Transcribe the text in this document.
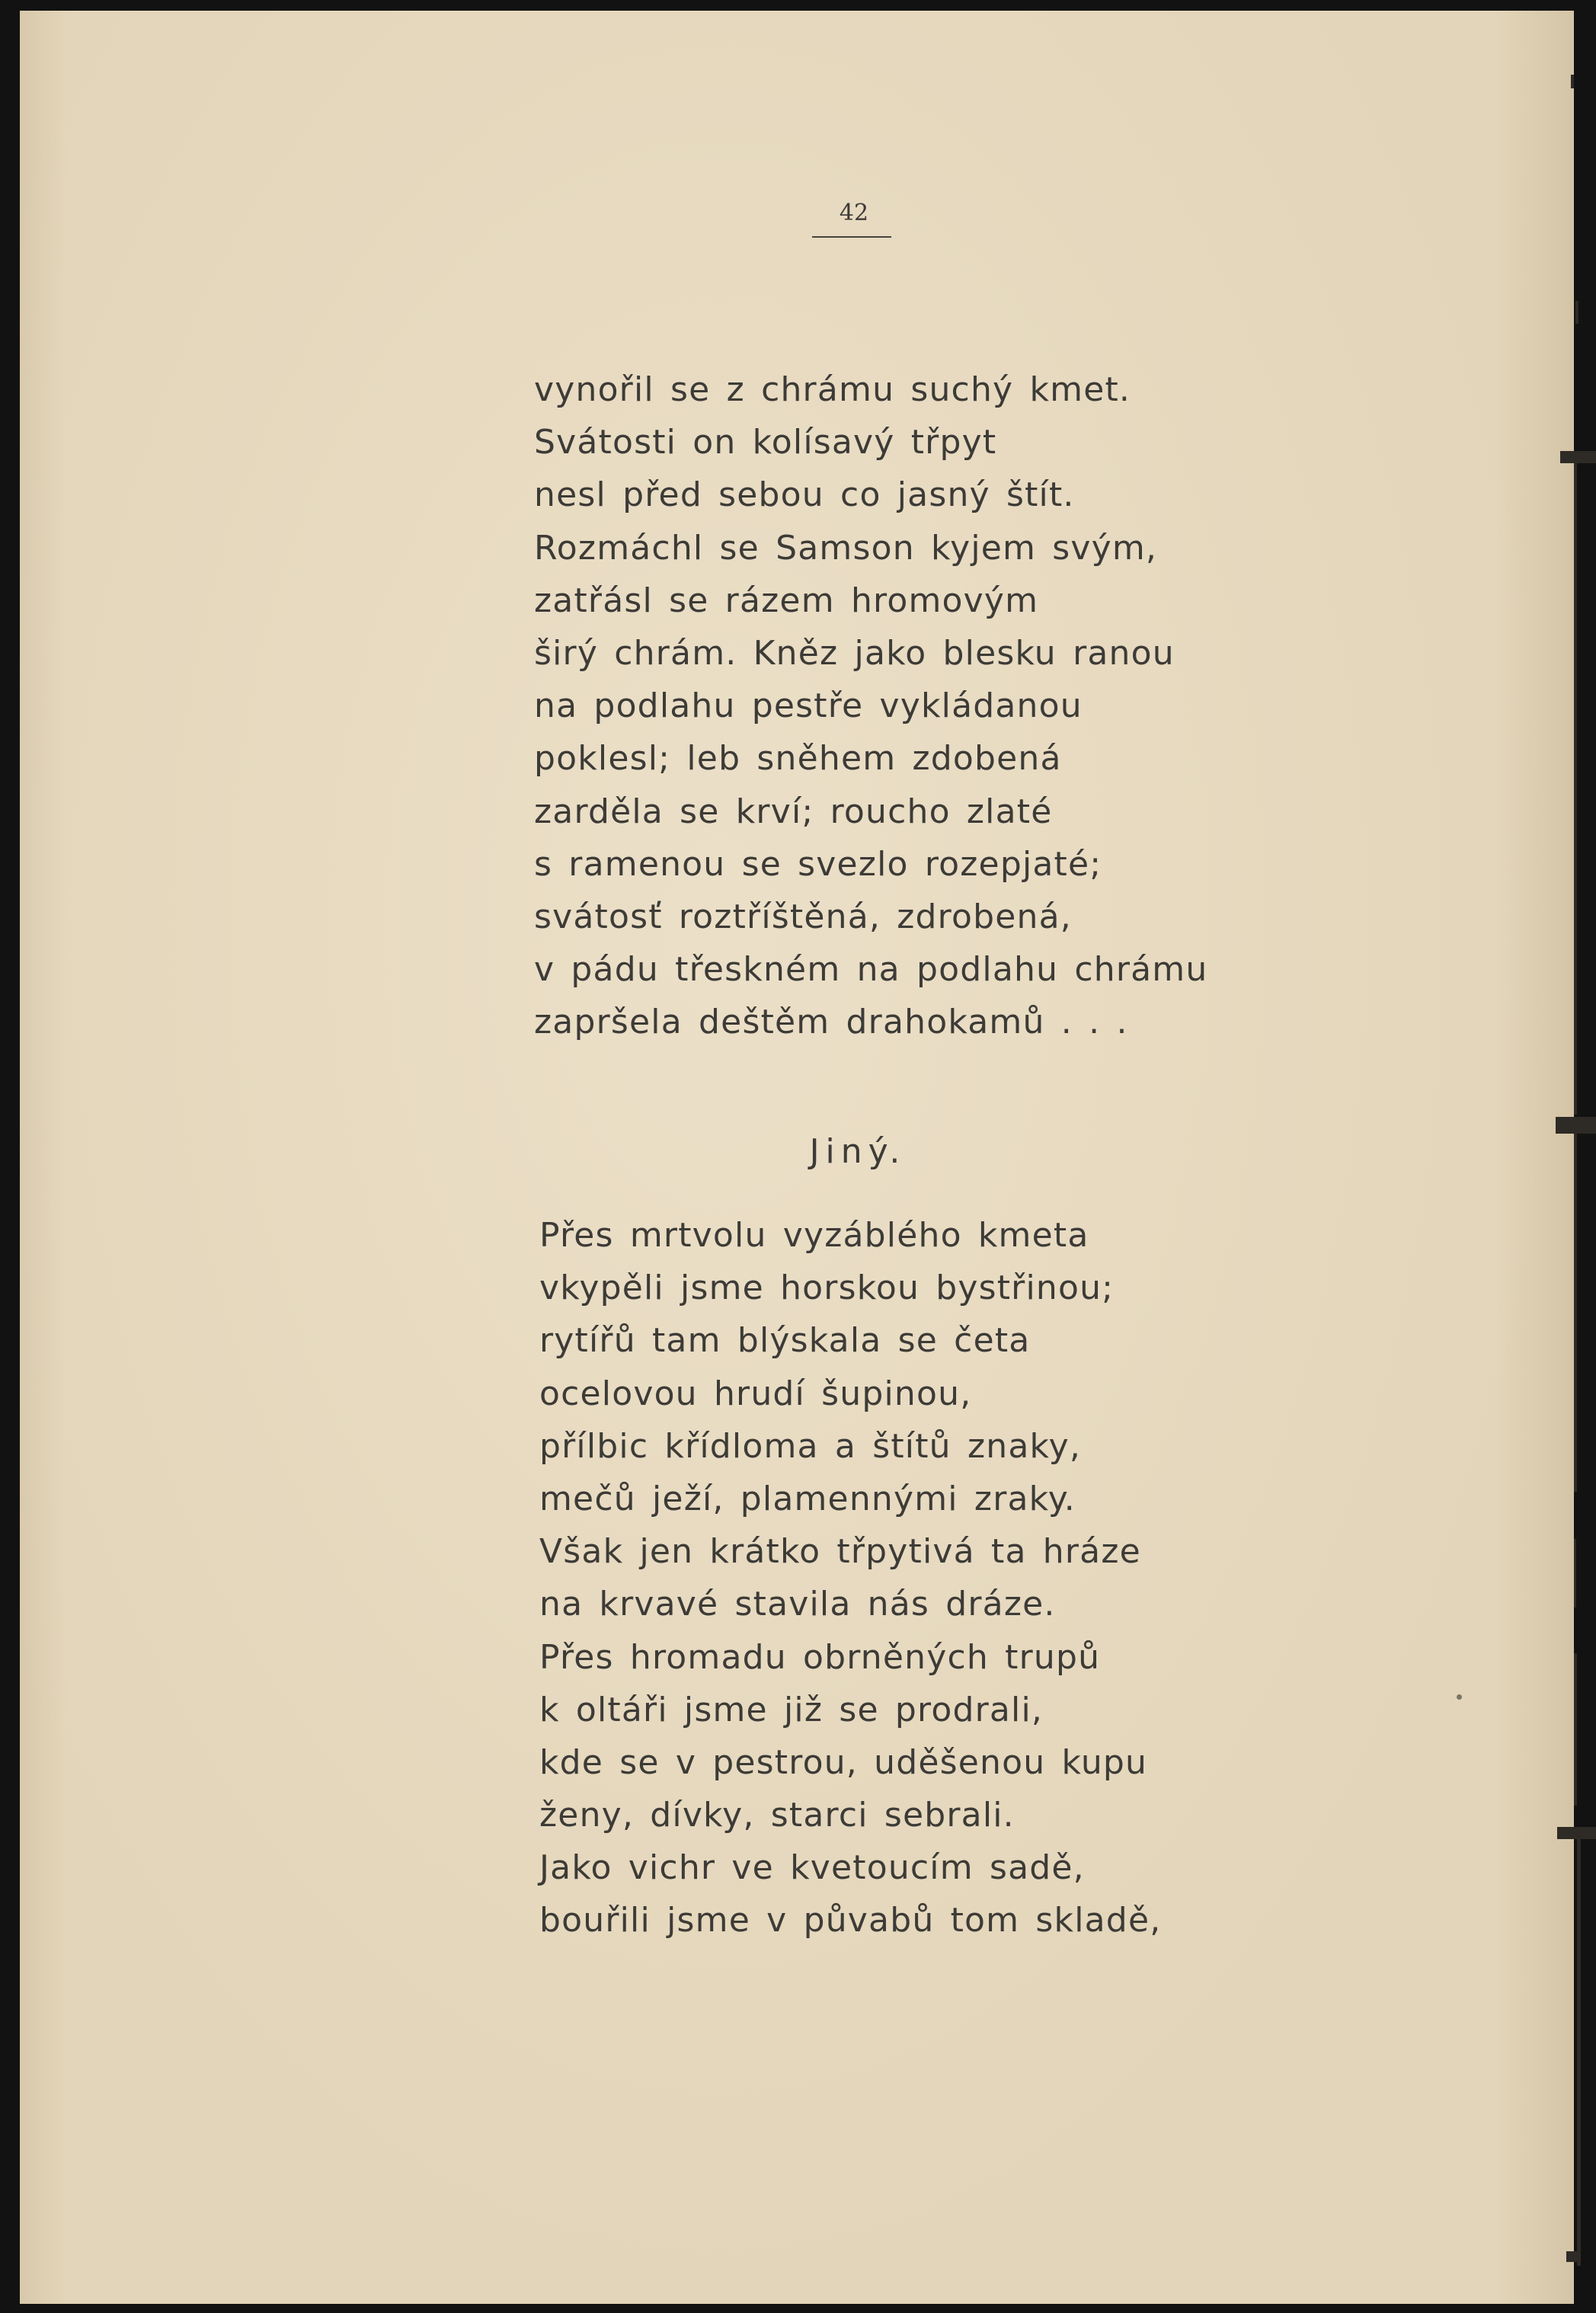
42

vynořil se z chrámu suchý kmet.
Svátosti on kolísavý třpyt
nesl před sebou co jasný štít.
Rozmáchl se Samson kyjem svým,
zatřásl se rázem hromovým
širý chrám. Kněz jako blesku ranou
na podlahu pestře vykládanou
poklesl; leb sněhem zdobená
zarděla se krví; roucho zlaté
s ramenou se svezlo rozepjaté;
svátosť roztříštěná, zdrobená,
v pádu třeskném na podlahu chrámu
zapršela deštěm drahokamů . . .
Jiný.
Přes mrtvolu vyzáblého kmeta
vkypěli jsme horskou bystřinou;
rytířů tam blýskala se četa
ocelovou hrudí šupinou,
přílbic křídloma a štítů znaky,
mečů ježí, plamennými zraky.
Však jen krátko třpytivá ta hráze
na krvavé stavila nás dráze.
Přes hromadu obrněných trupů
k oltáři jsme již se prodrali,
kde se v pestrou, uděšenou kupu
ženy, dívky, starci sebrali.
Jako vichr ve kvetoucím sadě,
bouřili jsme v půvabů tom skladě,
